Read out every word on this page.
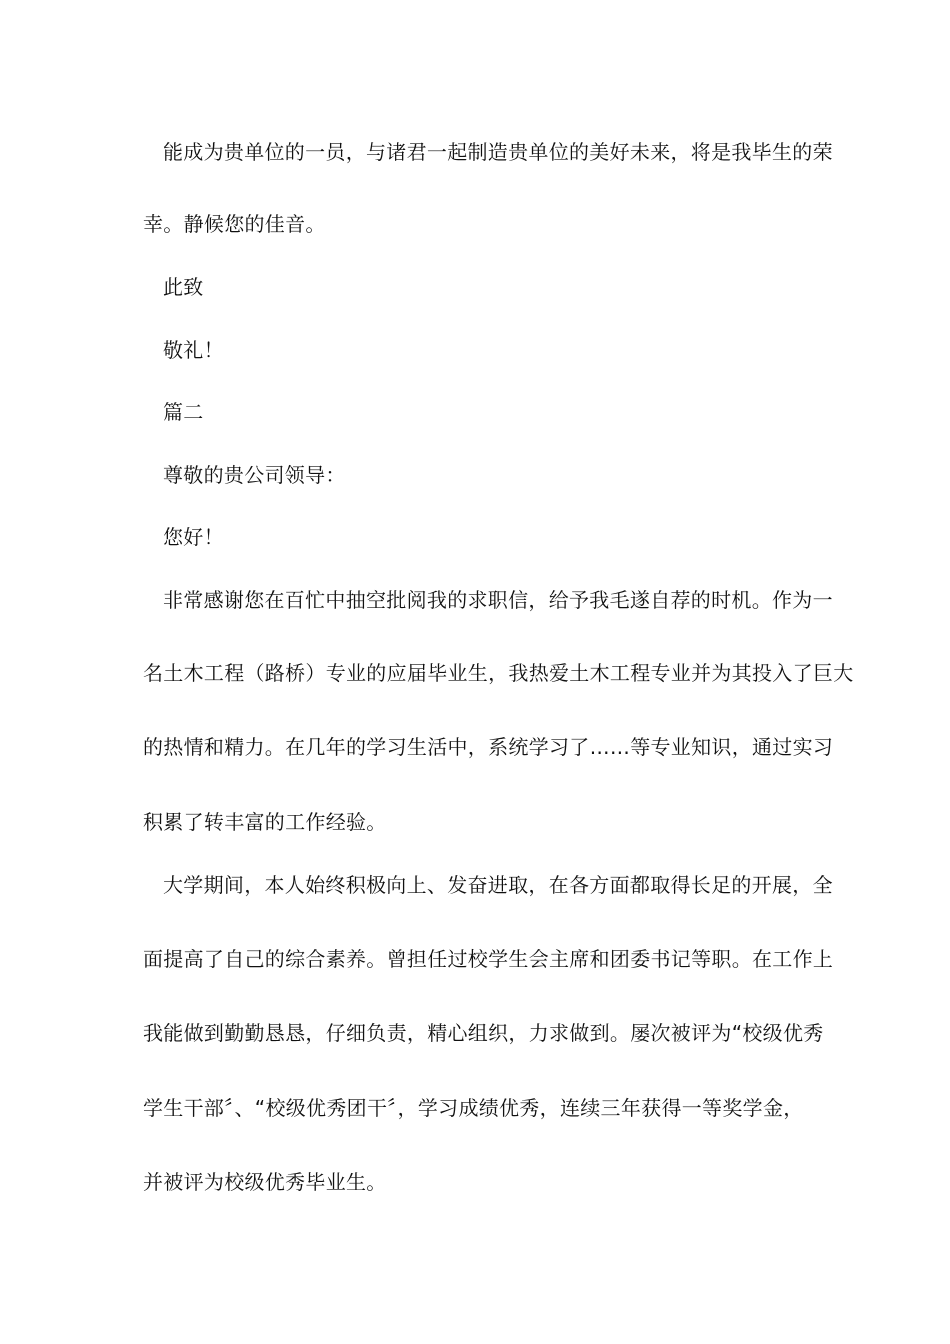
能成为贵单位的一员，与诸君一起制造贵单位的美好未来，将是我毕生的荣
幸。静候您的佳音。
此致
敬礼！
篇二
尊敬的贵公司领导：
您好！
非常感谢您在百忙中抽空批阅我的求职信，给予我毛遂自荐的时机。作为一
名土木工程（路桥）专业的应届毕业生，我热爱土木工程专业并为其投入了巨大
的热情和精力。在几年的学习生活中，系统学习了……等专业知识，通过实习
积累了转丰富的工作经验。
大学期间，本人始终积极向上、发奋进取，在各方面都取得长足的开展，全
面提高了自己的综合素养。曾担任过校学生会主席和团委书记等职。在工作上
我能做到勤勤恳恳，仔细负责，精心组织，力求做到。屡次被评为“校级优秀
学生干部〞、“校级优秀团干〞，学习成绩优秀，连续三年获得一等奖学金，
并被评为校级优秀毕业生。
